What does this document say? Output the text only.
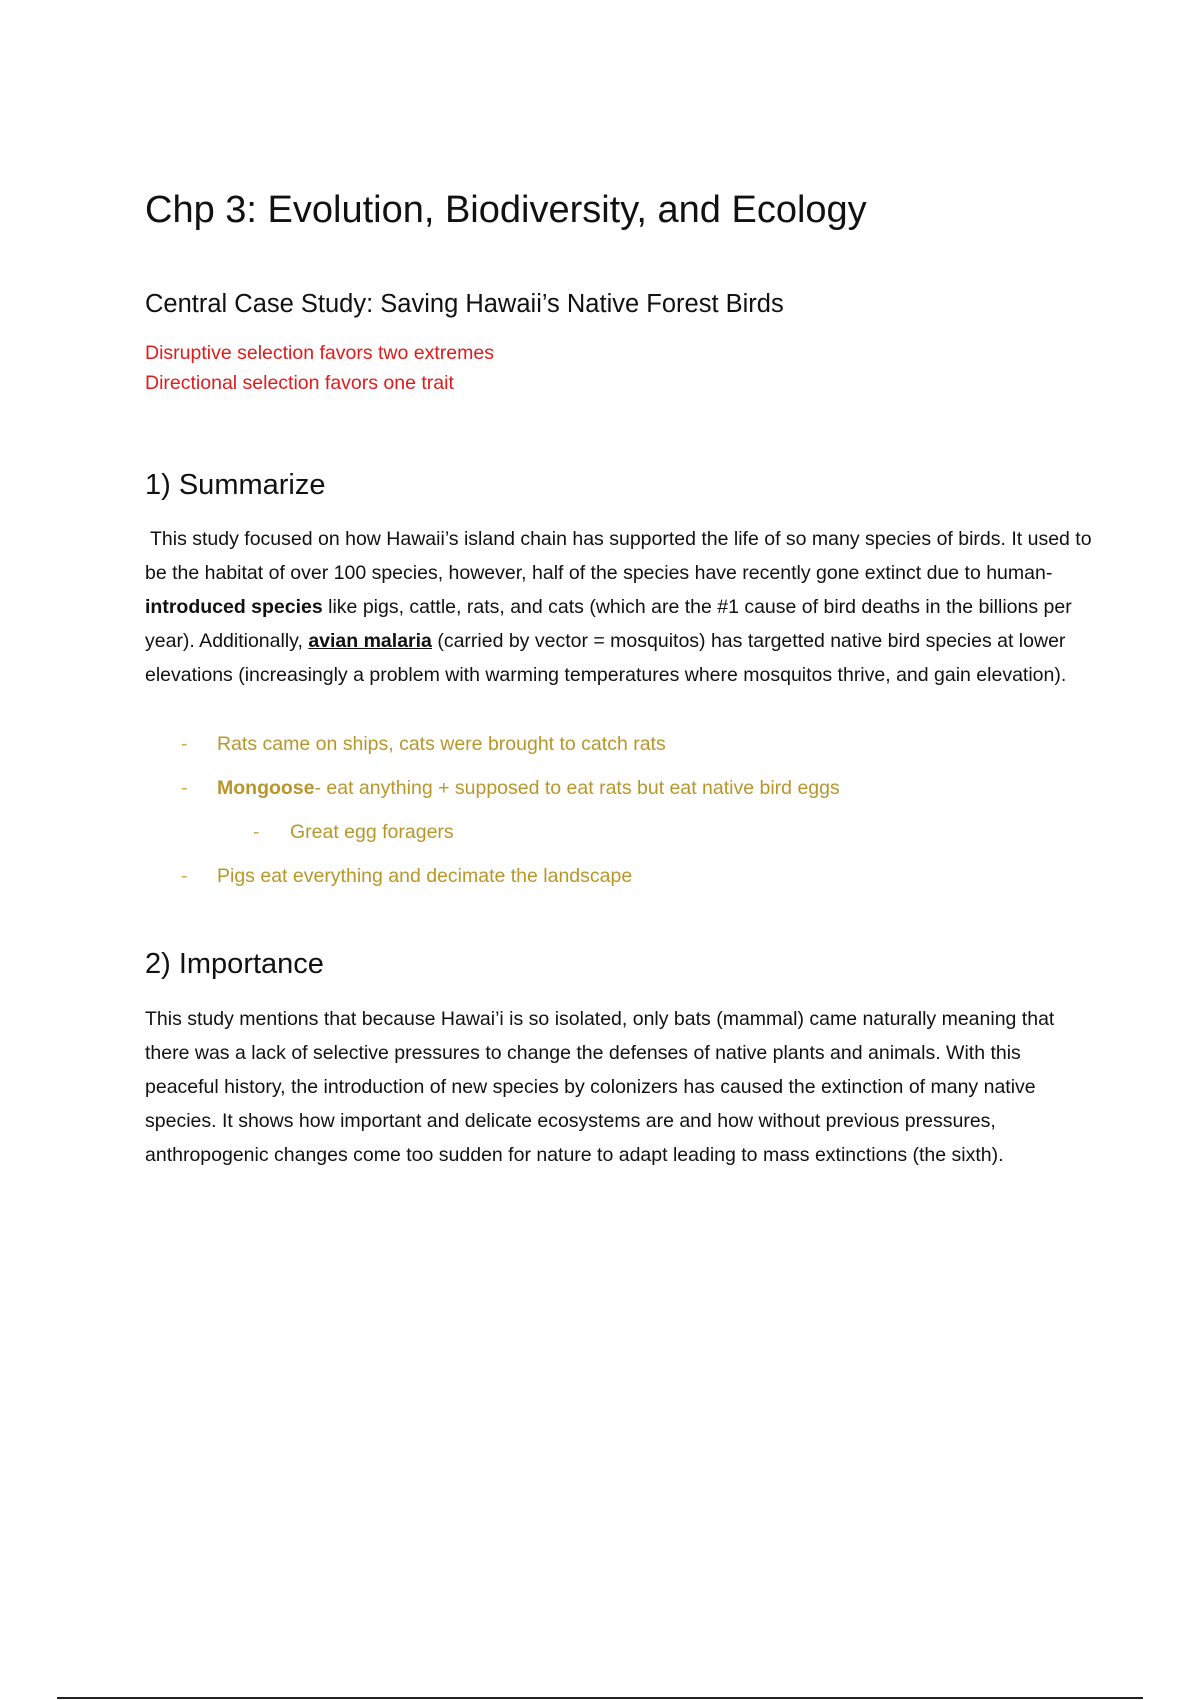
Chp 3: Evolution, Biodiversity, and Ecology
Central Case Study: Saving Hawaii’s Native Forest Birds
Disruptive selection favors two extremes
Directional selection favors one trait
1) Summarize

This study focused on how Hawaii’s island chain has supported the life of so many species of birds. It used to be the habitat of over 100 species, however, half of the species have recently gone extinct due to human-introduced species like pigs, cattle, rats, and cats (which are the #1 cause of bird deaths in the billions per year). Additionally, avian malaria (carried by vector = mosquitos) has targetted native bird species at lower elevations (increasingly a problem with warming temperatures where mosquitos thrive, and gain elevation).

- Rats came on ships, cats were brought to catch rats
- Mongoose- eat anything + supposed to eat rats but eat native bird eggs
- Great egg foragers
- Pigs eat everything and decimate the landscape
2) Importance

This study mentions that because Hawai’i is so isolated, only bats (mammal) came naturally meaning that there was a lack of selective pressures to change the defenses of native plants and animals. With this peaceful history, the introduction of new species by colonizers has caused the extinction of many native species. It shows how important and delicate ecosystems are and how without previous pressures, anthropogenic changes come too sudden for nature to adapt leading to mass extinctions (the sixth).
